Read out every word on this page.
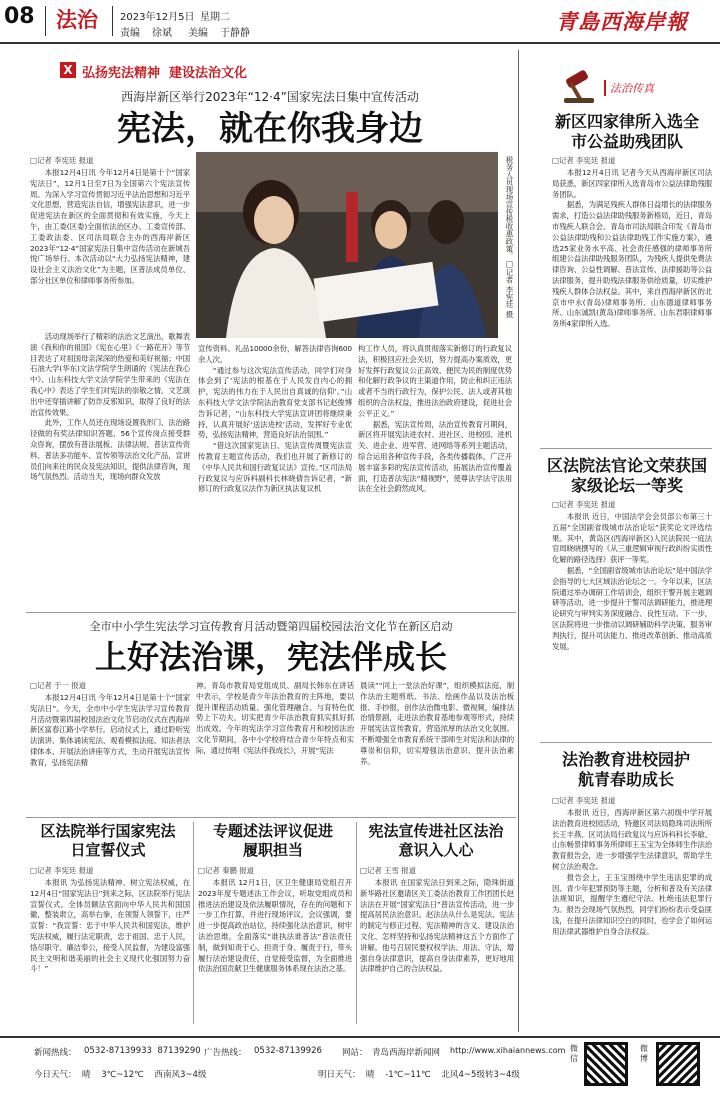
08 法治 2023年12月5日 星期二
责编 徐斌 美编 于静静	青島西海岸報
X 弘扬宪法精神  建设法治文化
西海岸新区举行2023年“12·4”国家宪法日集中宣传活动
宪法，就在你我身边
□记者 李宪廷 报道

本报12月4日讯 今年12月4日是第十个“国家宪法日”，12月1日至7日为全国第六个宪法宣传周。为深入学习宣传贯彻习近平法治思想和习近平文化思想，营造宪法自信，增强宪法意识，进一步促进宪法在新区的全面贯彻和有效实施，今天上午，由工委(区委)全面依法治区办、工委宣传部、工委政法委、区司法局联合主办的西海岸新区2023年“12·4”国家宪法日集中宣传活动在新城吾悦广场举行。本次活动以“大力弘扬宪法精神，建设社会主义法治文化”为主题，区普法成员单位、部分社区单位和律师事务所参加。

活动现场举行了精彩的法治文艺演出，歌舞表演《我和你的祖国》《宪在心里》《一路花开》等节目表达了对祖国母亲深深的热爱和美好祝福；中国石油大学(华东)文法学院学生朗诵的《宪法在我心中》、山东科技大学文法学院学生带来的《宪法在我心中》表达了学生们对宪法的崇敬之情。文艺演出中还穿插讲解了防诈反邪知识，取得了良好的法治宣传效果。

此外，工作人员还在现场设置我形门、法治路径做的有奖法律知识答题、56个宣传岗点接受群众咨询，摆放有普法展板、法律法规、普法宣传资料、普法多功能车、宣传领等法治文化产品，宣讲员们向来往的民众及宪法知识，提供法律咨询，现场气氛热烈。活动当天，现场向群众发放

税务人员现场宣传税收惠政策。□记者 李宪廷 摄

宣传资料、礼品10000余份，解答法律咨询600余人次。

“通过参与这次宪法宣传活动，同学们对身体会到了‘宪法的根基在于人民发自内心的拥护，宪法的伟力在于人民出自真诚的信仰’。”山东科技大学文法学院法治教育党支部书记赵俊博告诉记者，“山东科技大学宪法宣讲团将继续秉持，认真开展好‘送法进校’活动，发挥好专业优势，弘扬宪法精神，营造良好法治氛围。”

“借这次国家宪法日、宪法宣传周暨宪法宣传教育主题宣传活动，我们也开展了新修订的《中华人民共和国行政复议法》宣传。”区司法局行政复议与应诉科副科长林晓倩告诉记者，“新修订的行政复议法作为新区执法复议机

构工作人员，将认真贯彻落实新修订的行政复议法，积极回应社会关切，努力提高办案质效，更好发挥行政复议公正高效、便民为民的制度优势和化解行政争议的主渠道作用，防止和纠正违法或者不当的行政行为，保护公民、法人或者其他组织的合法权益，推进法治政府建设，促进社会公平正义。”

据悉，宪法宣传周，法治宣传教育月期间，新区将开展宪法进农村、进社区、进校园、进机关、进企业、进军营、进网络等系列主题活动，综合运用各种宣传手段，各类传播载体，广泛开展丰富多彩的宪法宣传活动，拓展法治宣传覆盖面，打造普法宪法“精视野”，使尊法学法守法用法在全社会蔚然成风。

全市中小学生宪法学习宣传教育月活动暨第四届校园法治文化节在新区启动
上好法治课，宪法伴成长
□记者 于一 报道

本报12月4日讯 今年12月4日是第十个“国家宪法日”。今天，全市中小学生宪法学习宣传教育月活动暨第四届校园法治文化节启动仪式在西海岸新区富春江路小学举行。启动仪式上，通过聆听宪法演讲、集体诵读宪法、观看模拟法庭、知法者法律体本、开展法治讲座等方式，生动开展宪法宣传教育，弘扬宪法精

神。青岛市教育局党组成员、副局长韩东在讲话中表示，学校是青少年法治教育的主阵地，要以提升课程活动质量、强化管理融合、与育特色优势上下功夫，切实把青少年法治教育抓实抓好抓出成效。今年的宪法学习宣传教育月和校园法治文化节期间，各中小学校将结合青少年特点和实际，通过传唱《宪法伴我成长》，开展“宪法

晨读”“同上一堂法治好课”，组织模拟法庭，制作法治主题剪纸、书法、绘画作品以及法治板报、手抄报，创作法治微电影、微视频，编排法治情景剧，走进法治教育基地参观等形式，持续开展宪法宣传教育，营造浓厚的法治文化氛围。不断增强全市教育系统干部师生对宪法和法律的尊崇和信仰，切实增强法治意识、提升法治素养。

区法院举行国家宪法日宣誓仪式
□记者 李宪廷 报道

本报讯 为弘扬宪法精神、树立宪法权威，在12月4日“国家宪法日”到来之际，区法院举行宪法宣誓仪式。全体员额法官面向中华人民共和国国徽，整装肃立，高举右拳，在领誓人领誓下，庄严宣誓：“我宣誓：忠于中华人民共和国宪法，维护宪法权威，履行法定职责，忠于祖国、忠于人民，恪尽职守、廉洁奉公，接受人民监督，为建设富强民主文明和谐美丽的社会主义现代化强国努力奋斗！”

专题述法评议促进履职担当
□记者 秦鹏 报道

本报讯 12月1日，区卫生健康局党组召开2023年度专题述法工作会议，听取党组成员和推进法治建设及依法履职情况，存在的问题和下一步工作打算，并进行现场评议。会议强调，要进一步提高政治站位，持续强化法治意识，树牢法治思维，全面落实“谁执法谁普法”普法责任制，做到知责于心、担责于身、履责于行，带头履行法治建设责任，自觉接受监督，为全面推进依法治国贡献卫生健康服务体系现在法治之基。

宪法宣传进社区法治意识入人心
□记者 王雪 报道

本报讯 在国家宪法日到来之际，隐珠街道新华路社区邀请区关工委法治教育工作团团长赵法法在开展“国家宪法日”普法宣传活动，进一步提高居民法治意识。赵法法从什么是宪法、宪法的制定与修正过程、宪法精神的含义、建设法治文化、怎样坚持和弘扬宪法精神这五个方面作了讲解。他号召居民要权权学法、用法、守法，增强自身法律意识，提高自身法律素养，更好地用法律维护自己的合法权益。

法治传真
新区四家律所入选全市公益助残团队
□记者 李宪廷 报道

本报12月4日讯 记者今天从西海岸新区司法局获悉，新区四家律所入选青岛市公益法律助残服务团队。

据悉，为满足残疾人群体日益增长的法律服务需求，打造公益法律助残服务新格局，近日，青岛市残疾人联合会、青岛市司法局联合印发《青岛市公益法律助残和公益法律助残工作实施方案》，遴选25家业务水平高、社会责任感强的律师事务所组建公益法律助残服务团队，为残疾人提供免费法律咨询、公益性调解、普法宣传、法律援助等公益法律服务，提升助残法律服务供给质量，切实维护残疾人群体合法权益。其中，来自西海岸新区的北京市中永(青岛)律师事务所、山东德道律师事务所、山东诚凯(黄岛)律师事务所、山东君职律师事务所4家律所入选。

区法院法官论文荣获国家级论坛一等奖
□记者 李宪廷 报道

本报讯 近日，中国法学会会员部公布第三十五届“全国副省级城市法治论坛”获奖论文评选结果。其中，黄岛区(西海岸新区)人民法院民一庭法官周晓晓撰写的《从三重逻辑审视行政纠纷实质性化解的路径选择》获评一等奖。

据悉，“全国副省级城市法治论坛”是中国法学会指导的七大区域法治论坛之一。今年以来，区法院通过举办调研工作培训会，组织干警开展主题调研等活动，进一步提升干警司法调研能力，推进理论研究与审判实务深度融合、良性互动。下一步，区法院将进一步推动以调研辅助科学决策、服务审判执行，提升司法能力、推进改革创新、推动高质发展。

法治教育进校园护航青春助成长
□记者 李宪廷 报道

本报讯 近日，西海岸新区第六初级中学开展法治教育进校园活动，特邀区司法局隐珠司法所所长王丰燕、区司法局行政复议与应诉科科长李敏、山东畅景律师事务所律师王玉宝为全体师生作法治教育报告会，进一步增强学生法律意识，帮助学生树立法治观念。

报告会上，王玉宝围绕中学生违法犯罪的成因、青少年犯罪预防等主题，分析和普及有关法律法规知识，提醒学生遵纪守法、杜绝违法犯罪行为。报告会现场气氛热烈，同学们纷纷表示受益匪浅，在提升法律知识空白的同时，也学会了如何运用法律武器维护自身合法权益。

新闻热线： 0532-87139933  87139290 广告热线： 0532-87139926 网站： 青岛西海岸新闻网 http://www.xihaiannews.com
今日天气：  晴    3℃~12℃    西南风3~4级	明日天气：  晴    -1℃~11℃    北风4~5级转3~4级
微信
微博
